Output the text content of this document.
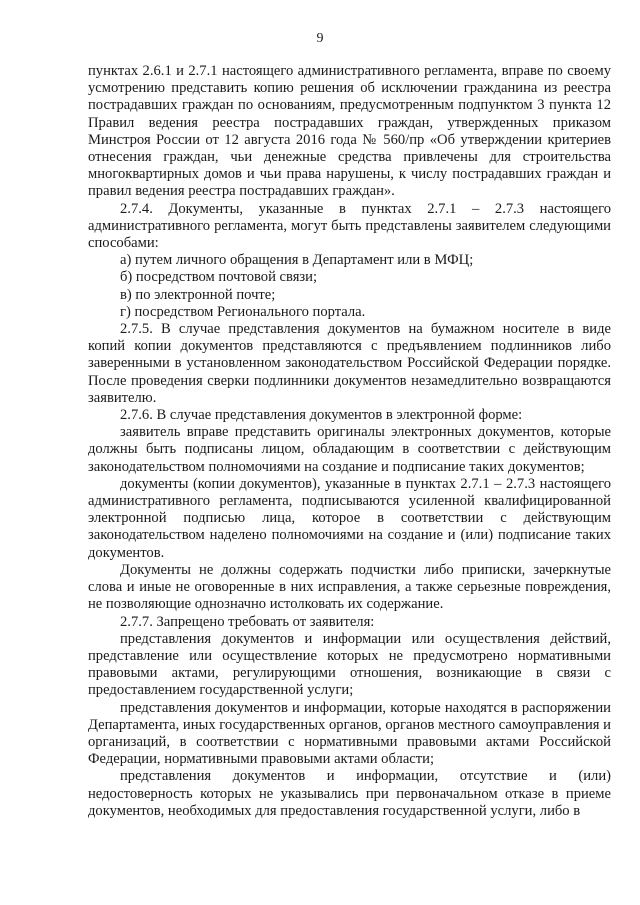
9

пунктах 2.6.1 и 2.7.1 настоящего административного регламента, вправе по своему усмотрению представить копию решения об исключении гражданина из реестра пострадавших граждан по основаниям, предусмотренным подпунктом 3 пункта 12 Правил ведения реестра пострадавших граждан, утвержденных приказом Минстроя России от 12 августа 2016 года № 560/пр «Об утверждении критериев отнесения граждан, чьи денежные средства привлечены для строительства многоквартирных домов и чьи права нарушены, к числу пострадавших граждан и правил ведения реестра пострадавших граждан».

2.7.4. Документы, указанные в пунктах 2.7.1 – 2.7.3 настоящего административного регламента, могут быть представлены заявителем следующими способами:

а) путем личного обращения в Департамент или в МФЦ;

б) посредством почтовой связи;

в) по электронной почте;

г) посредством Регионального портала.

2.7.5. В случае представления документов на бумажном носителе в виде копий копии документов представляются с предъявлением подлинников либо заверенными в установленном законодательством Российской Федерации порядке. После проведения сверки подлинники документов незамедлительно возвращаются заявителю.

2.7.6. В случае представления документов в электронной форме:

заявитель вправе представить оригиналы электронных документов, которые должны быть подписаны лицом, обладающим в соответствии с действующим законодательством полномочиями на создание и подписание таких документов;

документы (копии документов), указанные в пунктах 2.7.1 – 2.7.3 настоящего административного регламента, подписываются усиленной квалифицированной электронной подписью лица, которое в соответствии с действующим законодательством наделено полномочиями на создание и (или) подписание таких документов.

Документы не должны содержать подчистки либо приписки, зачеркнутые слова и иные не оговоренные в них исправления, а также серьезные повреждения, не позволяющие однозначно истолковать их содержание.

2.7.7. Запрещено требовать от заявителя:

представления документов и информации или осуществления действий, представление или осуществление которых не предусмотрено нормативными правовыми актами, регулирующими отношения, возникающие в связи с предоставлением государственной услуги;

представления документов и информации, которые находятся в распоряжении Департамента, иных государственных органов, органов местного самоуправления и организаций, в соответствии с нормативными правовыми актами Российской Федерации, нормативными правовыми актами области;

представления документов и информации, отсутствие и (или) недостоверность которых не указывались при первоначальном отказе в приеме документов, необходимых для предоставления государственной услуги, либо в
